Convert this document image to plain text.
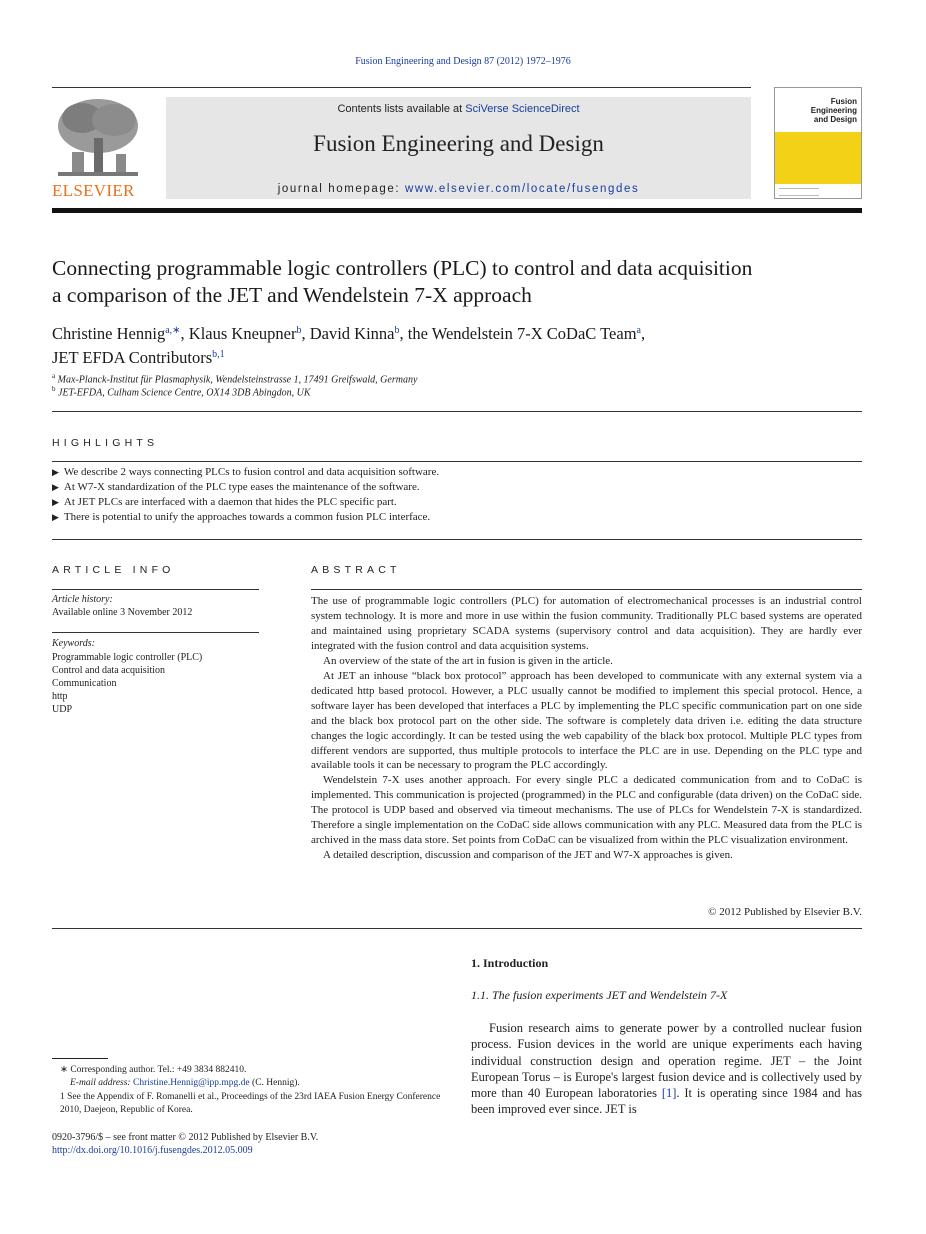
Fusion Engineering and Design 87 (2012) 1972–1976
ELSEVIER
Contents lists available at SciVerse ScienceDirect
Fusion Engineering and Design
journal homepage: www.elsevier.com/locate/fusengdes
Fusion Engineering
and Design
Connecting programmable logic controllers (PLC) to control and data acquisition
a comparison of the JET and Wendelstein 7-X approach
Christine Hennig$^{a,∗}$, Klaus Kneupner$^b$, David Kinna$^b$, the Wendelstein 7-X CoDaC Team$^a$,
JET EFDA Contributors$^{b,1}$
$^a$ Max-Planck-Institut für Plasmaphysik, Wendelsteinstrasse 1, 17491 Greifswald, Germany
$^b$ JET-EFDA, Culham Science Centre, OX14 3DB Abingdon, UK
HIGHLIGHTS
▶ We describe 2 ways connecting PLCs to fusion control and data acquisition software.
▶ At W7-X standardization of the PLC type eases the maintenance of the software.
▶ At JET PLCs are interfaced with a daemon that hides the PLC specific part.
▶ There is potential to unify the approaches towards a common fusion PLC interface.
ARTICLE INFO
Article history:
Available online 3 November 2012
Keywords:
Programmable logic controller (PLC)
Control and data acquisition
Communication
http
UDP
ABSTRACT

The use of programmable logic controllers (PLC) for automation of electromechanical processes is an industrial control system technology. It is more and more in use within the fusion community. Traditionally PLC based systems are operated and maintained using proprietary SCADA systems (supervisory control and data acquisition). They are hardly ever integrated with the fusion control and data acquisition systems.

An overview of the state of the art in fusion is given in the article.

At JET an inhouse “black box protocol” approach has been developed to communicate with any external system via a dedicated http based protocol. However, a PLC usually cannot be modified to implement this special protocol. Hence, a software layer has been developed that interfaces a PLC by implementing the PLC specific communication part on one side and the black box protocol part on the other side. The software is completely data driven i.e. editing the data structure changes the logic accordingly. It can be tested using the web capability of the black box protocol. Multiple PLC types from different vendors are supported, thus multiple protocols to interface the PLC are in use. Depending on the PLC type and available tools it can be necessary to program the PLC accordingly.

Wendelstein 7-X uses another approach. For every single PLC a dedicated communication from and to CoDaC is implemented. This communication is projected (programmed) in the PLC and configurable (data driven) on the CoDaC side. The protocol is UDP based and observed via timeout mechanisms. The use of PLCs for Wendelstein 7-X is standardized. Therefore a single implementation on the CoDaC side allows communication with any PLC. Measured data from the PLC is archived in the mass data store. Set points from CoDaC can be visualized from within the PLC visualization environment.

A detailed description, discussion and comparison of the JET and W7-X approaches is given.

© 2012 Published by Elsevier B.V.
1. Introduction
1.1. The fusion experiments JET and Wendelstein 7-X
Fusion research aims to generate power by a controlled nuclear fusion process. Fusion devices in the world are unique experiments each having individual construction design and operation regime. JET – the Joint European Torus – is Europe's largest fusion device and is collectively used by more than 40 European laboratories [1]. It is operating since 1984 and has been improved ever since. JET is
∗ Corresponding author. Tel.: +49 3834 882410.
E-mail address: Christine.Hennig@ipp.mpg.de (C. Hennig).
1 See the Appendix of F. Romanelli et al., Proceedings of the 23rd IAEA Fusion Energy Conference 2010, Daejeon, Republic of Korea.
0920-3796/$ – see front matter © 2012 Published by Elsevier B.V.
http://dx.doi.org/10.1016/j.fusengdes.2012.05.009
